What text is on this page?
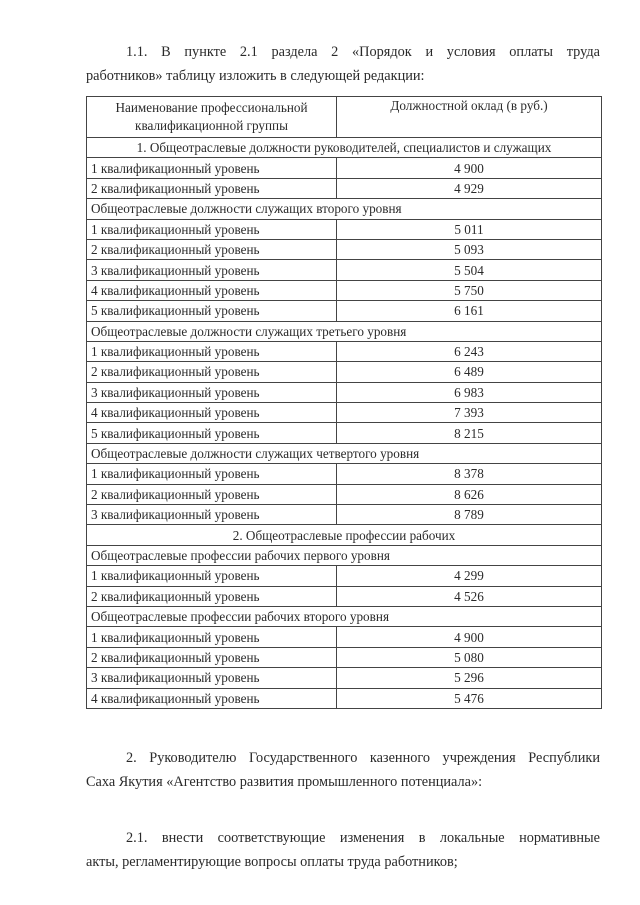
1.1. В пункте 2.1 раздела 2 «Порядок и условия оплаты труда
работников» таблицу изложить в следующей редакции:
Наименование профессиональной квалификационной группы	Должностной оклад (в руб.)
1. Общеотраслевые должности руководителей, специалистов и служащих	
1 квалификационный уровень	4 900
2 квалификационный уровень	4 929
Общеотраслевые должности служащих второго уровня	
1 квалификационный уровень	5 011
2 квалификационный уровень	5 093
3 квалификационный уровень	5 504
4 квалификационный уровень	5 750
5 квалификационный уровень	6 161
Общеотраслевые должности служащих третьего уровня	
1 квалификационный уровень	6 243
2 квалификационный уровень	6 489
3 квалификационный уровень	6 983
4 квалификационный уровень	7 393
5 квалификационный уровень	8 215
Общеотраслевые должности служащих четвертого уровня	
1 квалификационный уровень	8 378
2 квалификационный уровень	8 626
3 квалификационный уровень	8 789
2. Общеотраслевые профессии рабочих	
Общеотраслевые профессии рабочих первого уровня	
1 квалификационный уровень	4 299
2 квалификационный уровень	4 526
Общеотраслевые профессии рабочих второго уровня	
1 квалификационный уровень	4 900
2 квалификационный уровень	5 080
3 квалификационный уровень	5 296
4 квалификационный уровень	5 476
2. Руководителю Государственного казенного учреждения Республики
Саха Якутия «Агентство развития промышленного потенциала»:
2.1. внести соответствующие изменения в локальные нормативные
акты, регламентирующие вопросы оплаты труда работников;
